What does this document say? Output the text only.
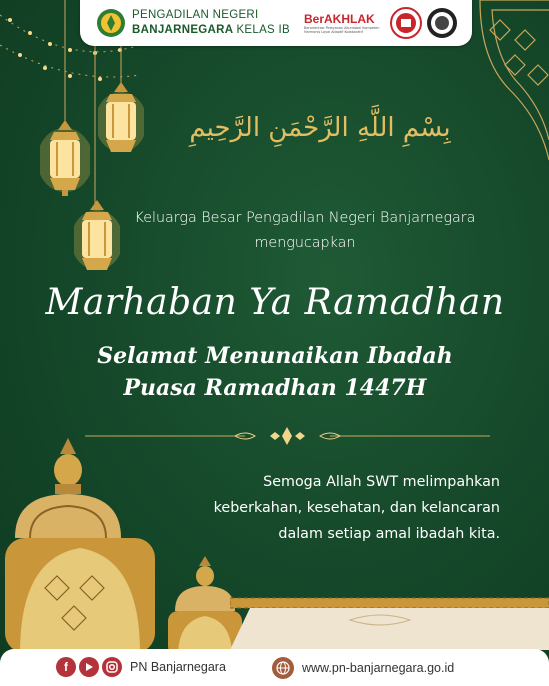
PENGADILAN NEGERI
BANJARNEGARA KELAS IB
BerAKHLAK
Berorientasi Pelayanan Akuntabel Kompeten Harmonis Loyal Adaptif Kolaboratif
بِسْمِ اللَّهِ الرَّحْمَنِ الرَّحِيمِ
Keluarga Besar Pengadilan Negeri Banjarnegara
mengucapkan
Marhaban Ya Ramadhan
Selamat Menunaikan Ibadah
Puasa Ramadhan 1447H
Semoga Allah SWT melimpahkan
keberkahan, kesehatan, dan kelancaran
dalam setiap amal ibadah kita.
f	PN Banjarnegara	www.pn-banjarnegara.go.id
